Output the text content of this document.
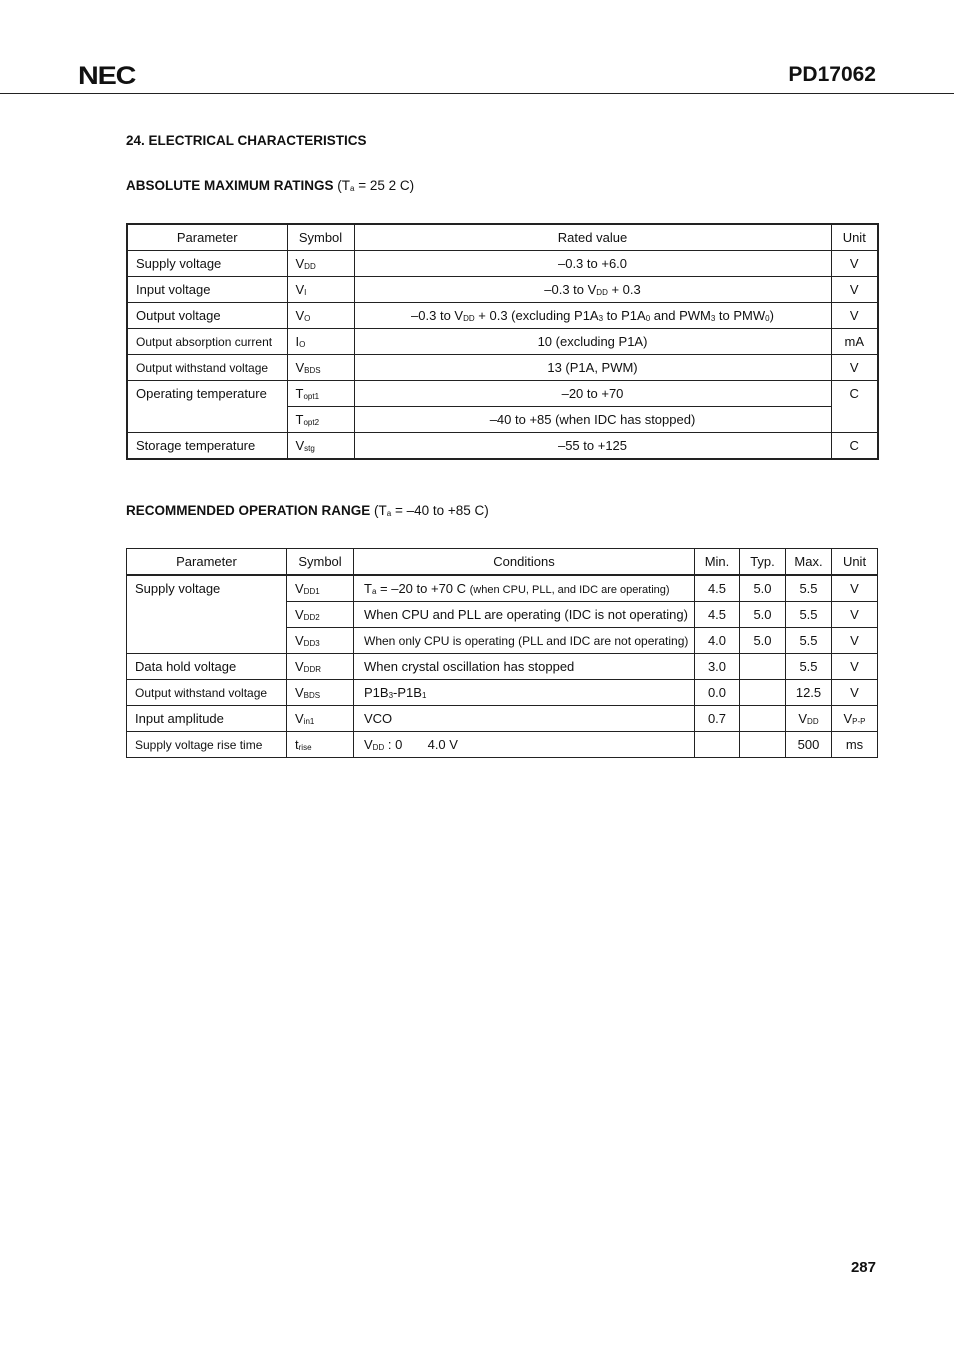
NEC	PD17062
24. ELECTRICAL CHARACTERISTICS
ABSOLUTE MAXIMUM RATINGS ($T_a = 25$ 2 C)
Parameter	Symbol	Rated value	Unit
Supply voltage	$V_{DD}$	–0.3 to +6.0	V
Input voltage	$V_I$	–0.3 to $V_{DD} + 0.3$	V
Output voltage	$V_O$	–0.3 to $V_{DD} + 0.3$ (excluding $P1A_3$ to $P1A_0$ and $PWM_3$ to $PMW_0$)	V
Output absorption current	$I_O$	10 (excluding P1A)	mA
Output withstand voltage	$V_{BDS}$	13 (P1A, PWM)	V
Operating temperature	$T_{opt1}$	–20 to +70	C
	$T_{opt2}$	–40 to +85 (when IDC has stopped)	
Storage temperature	$V_{stg}$	–55 to +125	C
RECOMMENDED OPERATION RANGE ($T_a = -40$ to +85 C)
Parameter	Symbol	Conditions	Min.	Typ.	Max.	Unit
Supply voltage	$V_{DD1}$	$T_a = -20$ to +70 C (when CPU, PLL, and IDC are operating)	4.5	5.0	5.5	V
	$V_{DD2}$	When CPU and PLL are operating (IDC is not operating)	4.5	5.0	5.5	V
	$V_{DD3}$	When only CPU is operating (PLL and IDC are not operating)	4.0	5.0	5.5	V
Data hold voltage	$V_{DDR}$	When crystal oscillation has stopped	3.0		5.5	V
Output withstand voltage	$V_{BDS}$	$P1B_3-P1B_1$	0.0		12.5	V
Input amplitude	$V_{in1}$	VCO	0.7		$V_{DD}$	$V_{P-P}$
Supply voltage rise time	$t_{rise}$	$V_{DD}$ : 0       4.0 V			500	ms
287
